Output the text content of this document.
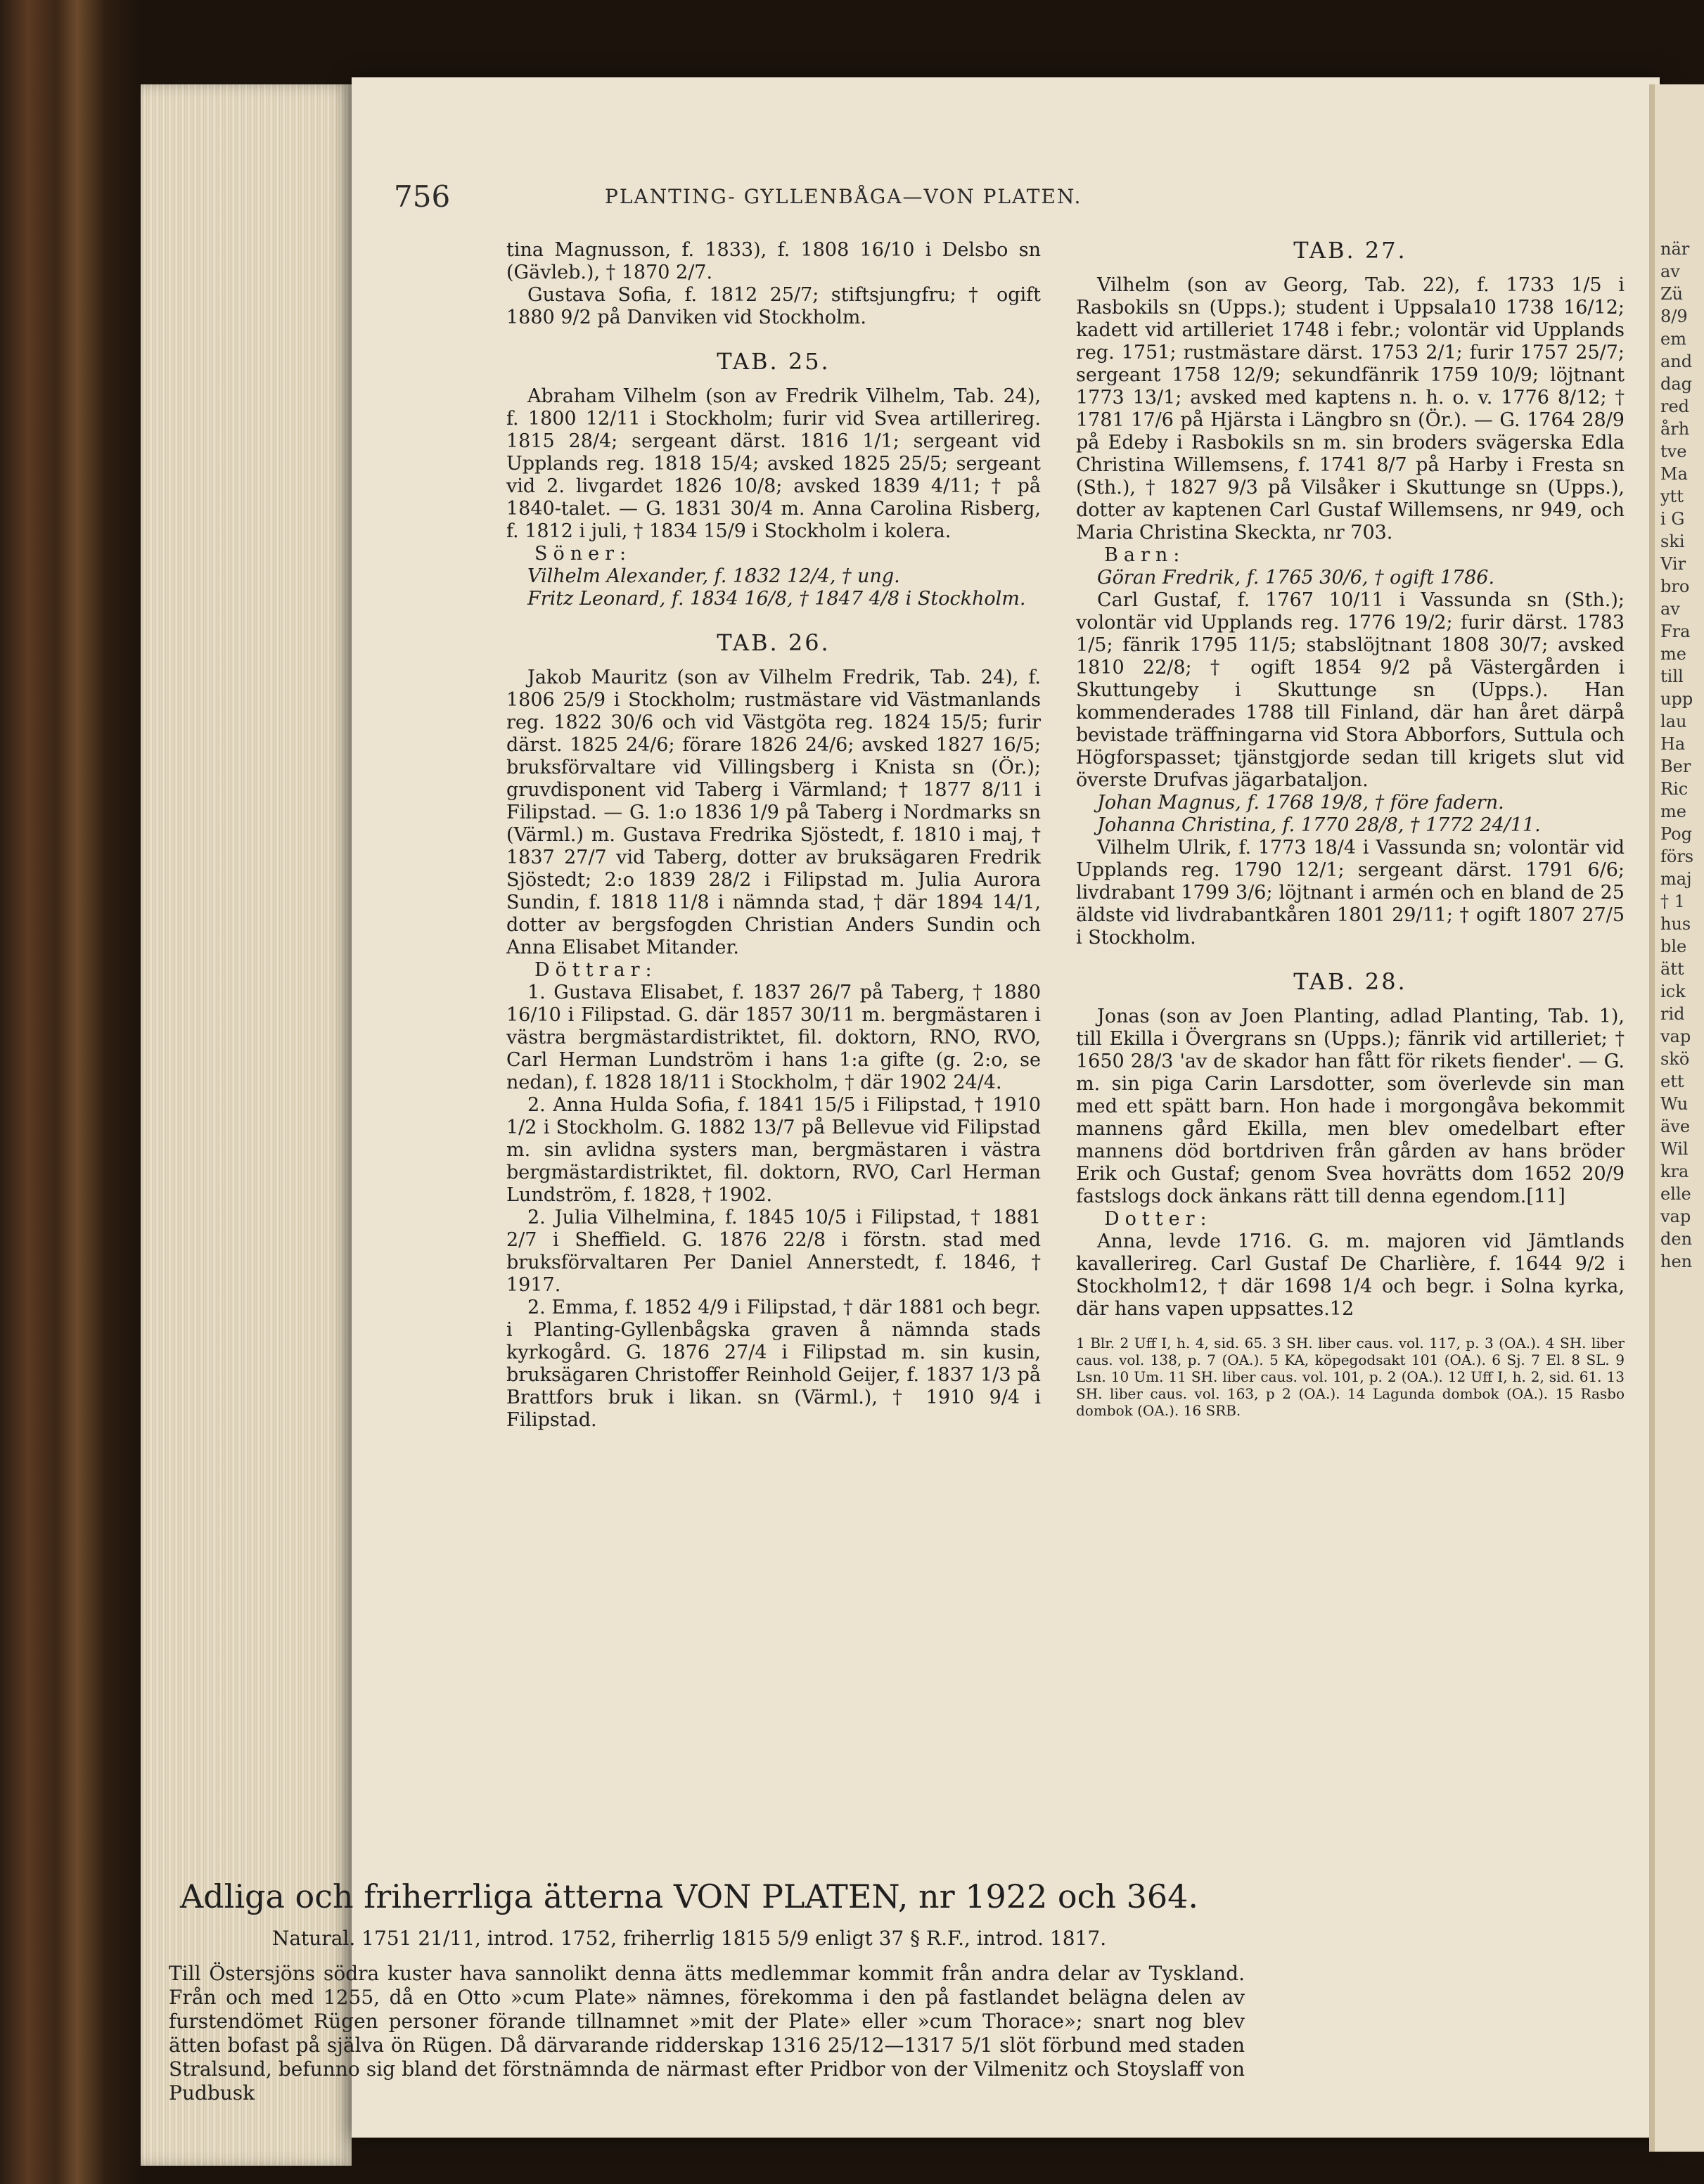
756	PLANTING- GYLLENBÅGA—VON PLATEN.

tina Magnusson, f. 1833), f. 1808 16/10 i Delsbo sn (Gävleb.), † 1870 2/7.

Gustava Sofia, f. 1812 25/7; stiftsjungfru; † ogift 1880 9/2 på Danviken vid Stockholm.

TAB. 25.

Abraham Vilhelm (son av Fredrik Vilhelm, Tab. 24), f. 1800 12/11 i Stockholm; furir vid Svea artillerireg. 1815 28/4; sergeant därst. 1816 1/1; sergeant vid Upplands reg. 1818 15/4; avsked 1825 25/5; sergeant vid 2. livgardet 1826 10/8; avsked 1839 4/11; † på 1840-talet. — G. 1831 30/4 m. Anna Carolina Risberg, f. 1812 i juli, † 1834 15/9 i Stockholm i kolera.

Söner:

Vilhelm Alexander, f. 1832 12/4, † ung.

Fritz Leonard, f. 1834 16/8, † 1847 4/8 i Stockholm.

TAB. 26.

Jakob Mauritz (son av Vilhelm Fredrik, Tab. 24), f. 1806 25/9 i Stockholm; rustmästare vid Västmanlands reg. 1822 30/6 och vid Västgöta reg. 1824 15/5; furir därst. 1825 24/6; förare 1826 24/6; avsked 1827 16/5; bruksförvaltare vid Villingsberg i Knista sn (Ör.); gruvdisponent vid Taberg i Värmland; † 1877 8/11 i Filipstad. — G. 1:o 1836 1/9 på Taberg i Nordmarks sn (Värml.) m. Gustava Fredrika Sjöstedt, f. 1810 i maj, † 1837 27/7 vid Taberg, dotter av bruksägaren Fredrik Sjöstedt; 2:o 1839 28/2 i Filipstad m. Julia Aurora Sundin, f. 1818 11/8 i nämnda stad, † där 1894 14/1, dotter av bergsfogden Christian Anders Sundin och Anna Elisabet Mitander.

Döttrar:

1. Gustava Elisabet, f. 1837 26/7 på Taberg, † 1880 16/10 i Filipstad. G. där 1857 30/11 m. bergmästaren i västra bergmästardistriktet, fil. doktorn, RNO, RVO, Carl Herman Lundström i hans 1:a gifte (g. 2:o, se nedan), f. 1828 18/11 i Stockholm, † där 1902 24/4.

2. Anna Hulda Sofia, f. 1841 15/5 i Filipstad, † 1910 1/2 i Stockholm. G. 1882 13/7 på Bellevue vid Filipstad m. sin avlidna systers man, bergmästaren i västra bergmästardistriktet, fil. doktorn, RVO, Carl Herman Lundström, f. 1828, † 1902.

2. Julia Vilhelmina, f. 1845 10/5 i Filipstad, † 1881 2/7 i Sheffield. G. 1876 22/8 i förstn. stad med bruksförvaltaren Per Daniel Annerstedt, f. 1846, † 1917.

2. Emma, f. 1852 4/9 i Filipstad, † där 1881 och begr. i Planting-Gyllenbågska graven å nämnda stads kyrkogård. G. 1876 27/4 i Filipstad m. sin kusin, bruksägaren Christoffer Reinhold Geijer, f. 1837 1/3 på Brattfors bruk i likan. sn (Värml.), † 1910 9/4 i Filipstad.

TAB. 27.

Vilhelm (son av Georg, Tab. 22), f. 1733 1/5 i Rasbokils sn (Upps.); student i Uppsala10 1738 16/12; kadett vid artilleriet 1748 i febr.; volontär vid Upplands reg. 1751; rustmästare därst. 1753 2/1; furir 1757 25/7; sergeant 1758 12/9; sekundfänrik 1759 10/9; löjtnant 1773 13/1; avsked med kaptens n. h. o. v. 1776 8/12; † 1781 17/6 på Hjärsta i Längbro sn (Ör.). — G. 1764 28/9 på Edeby i Rasbokils sn m. sin broders svägerska Edla Christina Willemsens, f. 1741 8/7 på Harby i Fresta sn (Sth.), † 1827 9/3 på Vilsåker i Skuttunge sn (Upps.), dotter av kaptenen Carl Gustaf Willemsens, nr 949, och Maria Christina Skeckta, nr 703.

Barn:

Göran Fredrik, f. 1765 30/6, † ogift 1786.

Carl Gustaf, f. 1767 10/11 i Vassunda sn (Sth.); volontär vid Upplands reg. 1776 19/2; furir därst. 1783 1/5; fänrik 1795 11/5; stabslöjtnant 1808 30/7; avsked 1810 22/8; † ogift 1854 9/2 på Västergården i Skuttungeby i Skuttunge sn (Upps.). Han kommenderades 1788 till Finland, där han året därpå bevistade träffningarna vid Stora Abborfors, Suttula och Högforspasset; tjänstgjorde sedan till krigets slut vid överste Drufvas jägarbataljon.

Johan Magnus, f. 1768 19/8, † före fadern.

Johanna Christina, f. 1770 28/8, † 1772 24/11.

Vilhelm Ulrik, f. 1773 18/4 i Vassunda sn; volontär vid Upplands reg. 1790 12/1; sergeant därst. 1791 6/6; livdrabant 1799 3/6; löjtnant i armén och en bland de 25 äldste vid livdrabantkåren 1801 29/11; † ogift 1807 27/5 i Stockholm.

TAB. 28.

Jonas (son av Joen Planting, adlad Planting, Tab. 1), till Ekilla i Övergrans sn (Upps.); fänrik vid artilleriet; † 1650 28/3 'av de skador han fått för rikets fiender'. — G. m. sin piga Carin Larsdotter, som överlevde sin man med ett spätt barn. Hon hade i morgongåva bekommit mannens gård Ekilla, men blev omedelbart efter mannens död bortdriven från gården av hans bröder Erik och Gustaf; genom Svea hovrätts dom 1652 20/9 fastslogs dock änkans rätt till denna egendom.[11]

Dotter:

Anna, levde 1716. G. m. majoren vid Jämtlands kavallerireg. Carl Gustaf De Charlière, f. 1644 9/2 i Stockholm12, † där 1698 1/4 och begr. i Solna kyrka, där hans vapen uppsattes.12

1 Blr. 2 Uff I, h. 4, sid. 65. 3 SH. liber caus. vol. 117, p. 3 (OA.). 4 SH. liber caus. vol. 138, p. 7 (OA.). 5 KA, köpegodsakt 101 (OA.). 6 Sj. 7 El. 8 SL. 9 Lsn. 10 Um. 11 SH. liber caus. vol. 101, p. 2 (OA.). 12 Uff I, h. 2, sid. 61. 13 SH. liber caus. vol. 163, p 2 (OA.). 14 Lagunda dombok (OA.). 15 Rasbo dombok (OA.). 16 SRB.

Adliga och friherrliga ätterna VON PLATEN, nr 1922 och 364.
Natural. 1751 21/11, introd. 1752, friherrlig 1815 5/9 enligt 37 § R.F., introd. 1817.
Till Östersjöns södra kuster hava sannolikt denna ätts medlemmar kommit från andra delar av Tyskland. Från och med 1255, då en Otto »cum Plate» nämnes, förekomma i den på fastlandet belägna delen av furstendömet Rügen personer förande tillnamnet »mit der Plate» eller »cum Thorace»; snart nog blev ätten bofast på själva ön Rügen. Då därvarande ridderskap 1316 25/12—1317 5/1 slöt förbund med staden Stralsund, befunno sig bland det förstnämnda de närmast efter Pridbor von der Vilmenitz och Stoyslaff von Pudbusk
när
av
Zü
8/9
em
and
dag
red
årh
tve
Ma
ytt
i G
ski
Vir
bro
av
Fra
me
till
upp
lau
Ha
Ber
Ric
me
Pog
förs
maj
† 1
hus
ble
ätt
ick
rid
vap
skö
ett
Wu
äve
Wil
kra
elle
vap
den
hen
